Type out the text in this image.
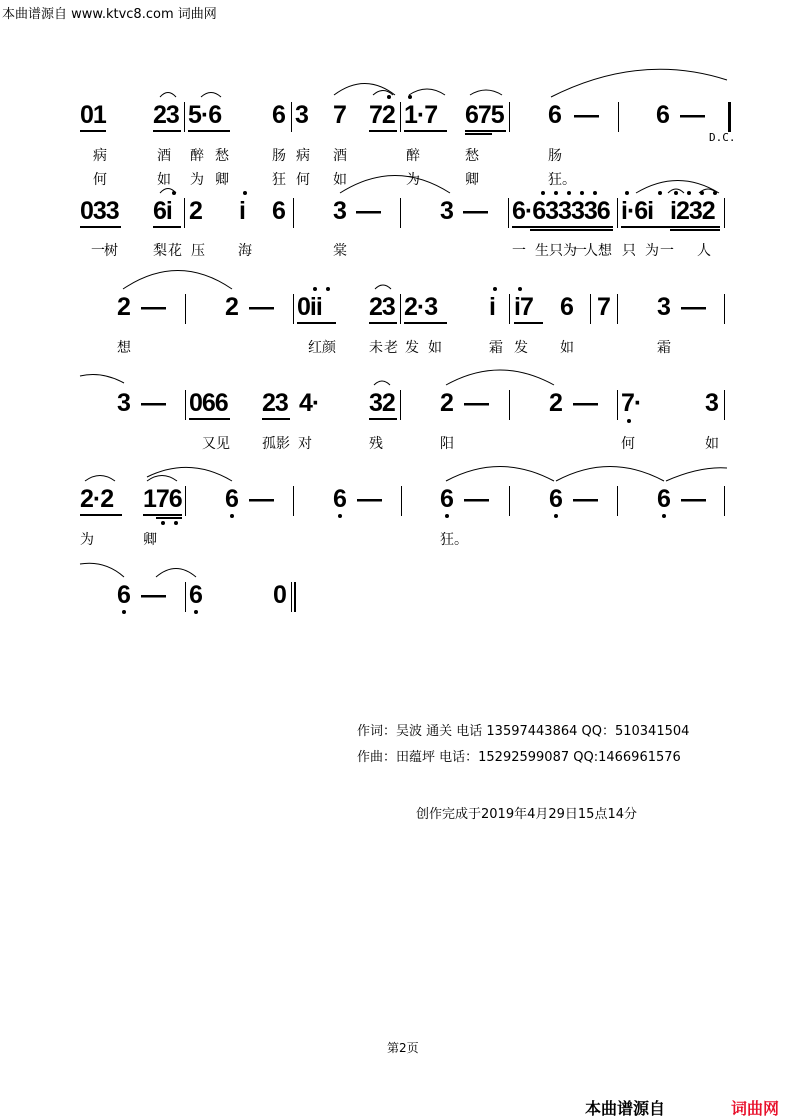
本曲谱源自 www.ktvc8.com 词曲网
01 23 5·6 6 3 7 72 1·7 675 6 — 6 —
D.C.
病	酒 醉 愁	肠 病 酒	醉	愁	肠
何	如 为 卿	狂 何 如	为	卿	狂。
033 6i 2 i 6 3 — 3 — 6·633336 i·6i i232
一 树	梨 花 压 海	棠	一 生 只 为
一
人 想 只 为 一 人
2 — 2 — 0ii 23 2·3 i i7 6 7 3 —
想	红 颜 未 老 发 如	霜 发 如	霜
3 — 066 23 4· 32 2 — 2 — 7·	3
又 见 孤 影 对	残	阳	何	如
2·2 176 6 — 6 — 6 — 6 — 6 —
为	卿	狂。
6 — 6	0
作词：吴波 通关 电话 13597443864 QQ：510341504
作曲：田蕴坪 电话：15292599087 QQ:1466961576
创作完成于2019年4月29日15点14分
第2页
本曲谱源自	词曲网
